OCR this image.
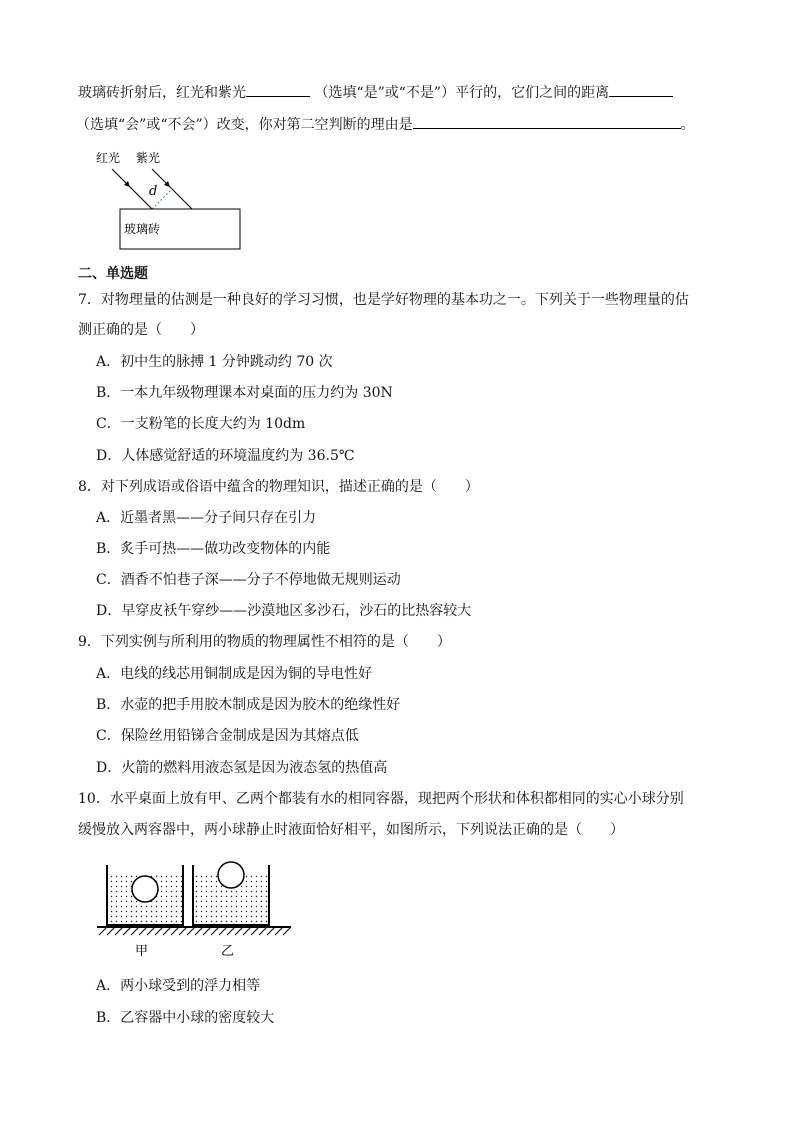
玻璃砖折射后，红光和紫光	（选填“是”或“不是”）平行的，它们之间的距离
（选填“会”或“不会”）改变，你对第二空判断的理由是	。
红光 紫光
d
玻璃砖
二、单选题
7．对物理量的估测是一种良好的学习习惯，也是学好物理的基本功之一。下列关于一些物理量的估
测正确的是（　　）
A．初中生的脉搏 1 分钟跳动约 70 次
B．一本九年级物理课本对桌面的压力约为 30N
C．一支粉笔的长度大约为 10dm
D．人体感觉舒适的环境温度约为 36.5℃
8．对下列成语或俗语中蕴含的物理知识，描述正确的是（　　）
A．近墨者黑——分子间只存在引力
B．炙手可热——做功改变物体的内能
C．酒香不怕巷子深——分子不停地做无规则运动
D．早穿皮袄午穿纱——沙漠地区多沙石，沙石的比热容较大
9．下列实例与所利用的物质的物理属性不相符的是（　　）
A．电线的线芯用铜制成是因为铜的导电性好
B．水壶的把手用胶木制成是因为胶木的绝缘性好
C．保险丝用铅锑合金制成是因为其熔点低
D．火箭的燃料用液态氢是因为液态氢的热值高
10．水平桌面上放有甲、乙两个都装有水的相同容器，现把两个形状和体积都相同的实心小球分别
缓慢放入两容器中，两小球静止时液面恰好相平，如图所示，下列说法正确的是（　　）
甲	乙
A．两小球受到的浮力相等
B．乙容器中小球的密度较大
